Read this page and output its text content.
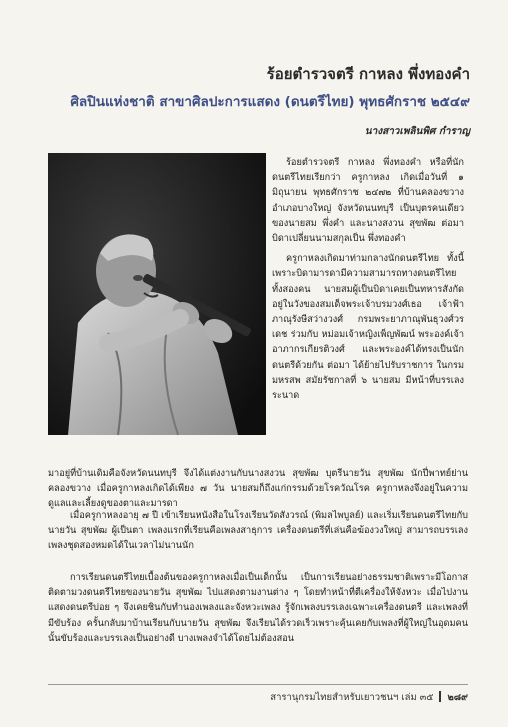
ร้อยตำรวจตรี กาหลง พึ่งทองคำ
ศิลปินแห่งชาติ สาขาศิลปะการแสดง (ดนตรีไทย) พุทธศักราช ๒๕๔๙
นางสาวเพลินพิศ กำราญ

ร้อยตำรวจตรี กาหลง พึ่งทองคำ หรือที่นักดนตรีไทยเรียกว่า ครูกาหลง เกิดเมื่อวันที่ ๑ มิถุนายน พุทธศักราช ๒๔๗๒ ที่บ้านคลองขวาง อำเภอบางใหญ่ จังหวัดนนทบุรี เป็นบุตรคนเดียวของนายสม พึ่งคำ และนางสงวน สุขพัฒ ต่อมาบิดาเปลี่ยนนามสกุลเป็น พึ่งทองคำ

ครูกาหลงเกิดมาท่ามกลางนักดนตรีไทย ทั้งนี้เพราะบิดามารดามีความสามารถทางดนตรีไทยทั้งสองคน นายสมผู้เป็นบิดาเคยเป็นทหารสังกัดอยู่ในวังของสมเด็จพระเจ้าบรมวงศ์เธอ เจ้าฟ้าภาณุรังษีสว่างวงศ์ กรมพระยาภาณุพันธุวงศ์วรเดช ร่วมกับ หม่อมเจ้าหญิงเพ็ญพัฒน์ พระองค์เจ้าอาภากรเกียรติวงศ์ และพระองค์ได้ทรงเป็นนักดนตรีด้วยกัน ต่อมา ได้ย้ายไปรับราชการ ในกรมมหรสพ สมัยรัชกาลที่ ๖ นายสม มีหน้าที่บรรเลงระนาด

มาอยู่ที่บ้านเดิมคือจังหวัดนนทบุรี จึงได้แต่งงานกับนางสงวน สุขพัฒ บุตรีนายวัน สุขพัฒ นักปี่พาทย์ย่านคลองขวาง เมื่อครูกาหลงเกิดได้เพียง ๗ วัน นายสมก็ถึงแก่กรรมด้วยโรควัณโรค ครูกาหลงจึงอยู่ในความดูแลและเลี้ยงดูของตาและมารดา

เมื่อครูกาหลงอายุ ๗ ปี เข้าเรียนหนังสือในโรงเรียนวัดสังวรณ์ (พิมลไพบูลย์) และเริ่มเรียนดนตรีไทยกับนายวัน สุขพัฒ ผู้เป็นตา เพลงแรกที่เรียนคือเพลงสาธุการ เครื่องดนตรีที่เล่นคือฆ้องวงใหญ่ สามารถบรรเลงเพลงชุดสองหมดได้ในเวลาไม่นานนัก

การเรียนดนตรีไทยเบื้องต้นของครูกาหลงเมื่อเป็นเด็กนั้น เป็นการเรียนอย่างธรรมชาติเพราะมีโอกาสติดตามวงดนตรีไทยของนายวัน สุขพัฒ ไปแสดงตามงานต่าง ๆ โดยทำหน้าที่ตีเครื่องให้จังหวะ เมื่อไปงานแสดงดนตรีบ่อย ๆ จึงเคยชินกับทำนองเพลงและจังหวะเพลง รู้จักเพลงบรรเลงเฉพาะเครื่องดนตรี และเพลงที่มีขับร้อง ครั้นกลับมาบ้านเรียนกับนายวัน สุขพัฒ จึงเรียนได้รวดเร็วเพราะคุ้นเคยกับเพลงที่ผู้ใหญ่ในอุดมคนนั้นขับร้องและบรรเลงเป็นอย่างดี บางเพลงจำได้โดยไม่ต้องสอน

สารานุกรมไทยสำหรับเยาวชนฯ เล่ม ๓๕ ๒๘๙
